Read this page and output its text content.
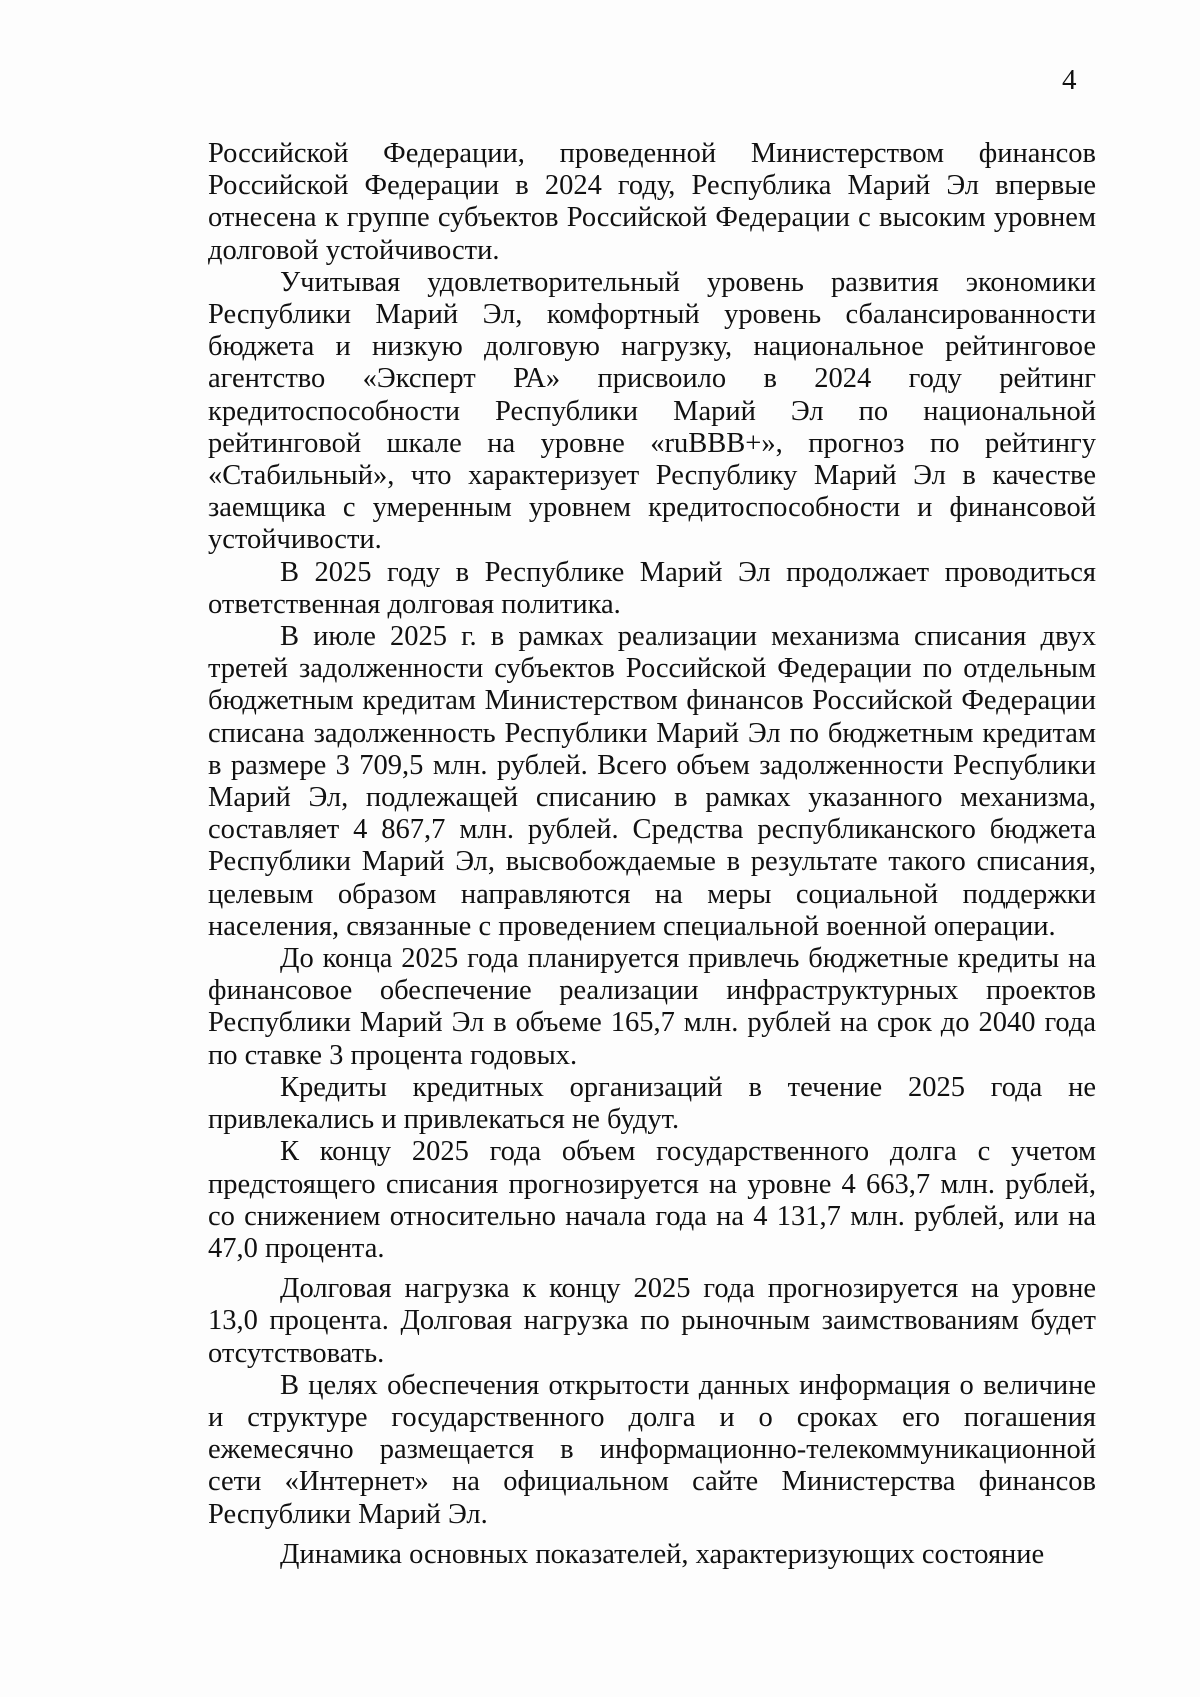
4

Российской Федерации, проведенной Министерством финансов Российской Федерации в 2024 году, Республика Марий Эл впервые отнесена к группе субъектов Российской Федерации с высоким уровнем долговой устойчивости.

Учитывая удовлетворительный уровень развития экономики Республики Марий Эл, комфортный уровень сбалансированности бюджета и низкую долговую нагрузку, национальное рейтинговое агентство «Эксперт РА» присвоило в 2024 году рейтинг кредитоспособности Республики Марий Эл по национальной рейтинговой шкале на уровне «ruBBB+», прогноз по рейтингу «Стабильный», что характеризует Республику Марий Эл в качестве заемщика с умеренным уровнем кредитоспособности и финансовой устойчивости.

В 2025 году в Республике Марий Эл продолжает проводиться ответственная долговая политика.

В июле 2025 г. в рамках реализации механизма списания двух третей задолженности субъектов Российской Федерации по отдельным бюджетным кредитам Министерством финансов Российской Федерации списана задолженность Республики Марий Эл по бюджетным кредитам в размере 3 709,5 млн. рублей. Всего объем задолженности Республики Марий Эл, подлежащей списанию в рамках указанного механизма, составляет 4 867,7 млн. рублей. Средства республиканского бюджета Республики Марий Эл, высвобождаемые в результате такого списания, целевым образом направляются на меры социальной поддержки населения, связанные с проведением специальной военной операции.

До конца 2025 года планируется привлечь бюджетные кредиты на финансовое обеспечение реализации инфраструктурных проектов Республики Марий Эл в объеме 165,7 млн. рублей на срок до 2040 года по ставке 3 процента годовых.

Кредиты кредитных организаций в течение 2025 года не привлекались и привлекаться не будут.

К концу 2025 года объем государственного долга с учетом предстоящего списания прогнозируется на уровне 4 663,7 млн. рублей, со снижением относительно начала года на 4 131,7 млн. рублей, или на 47,0 процента.

Долговая нагрузка к концу 2025 года прогнозируется на уровне 13,0 процента. Долговая нагрузка по рыночным заимствованиям будет отсутствовать.

В целях обеспечения открытости данных информация о величине и структуре государственного долга и о сроках его погашения ежемесячно размещается в информационно-телекоммуникационной сети «Интернет» на официальном сайте Министерства финансов Республики Марий Эл.

Динамика основных показателей, характеризующих состояние
